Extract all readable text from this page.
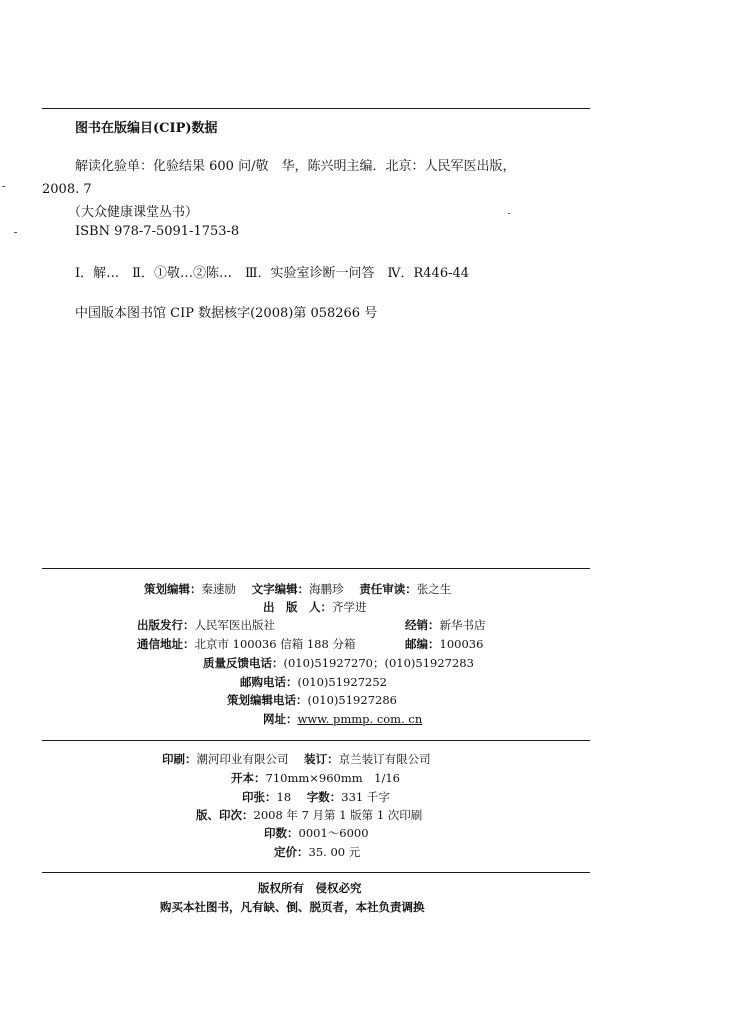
图书在版编目(CIP)数据
解读化验单：化验结果 600 问/敬　华，陈兴明主编．北京：人民军医出版，
2008. 7
（大众健康课堂丛书）
ISBN 978-7-5091-1753-8
Ⅰ．解…　Ⅱ．①敬…②陈…　Ⅲ．实验室诊断一问答　Ⅳ．R446-44
中国版本图书馆 CIP 数据核字(2008)第 058266 号
策划编辑：秦速励 文字编辑：海鹏珍 责任审读：张之生
出　版　人：齐学进
出版发行：人民军医出版社	经销：新华书店
通信地址：北京市 100036 信箱 188 分箱	邮编：100036
质量反馈电话：(010)51927270；(010)51927283
邮购电话：(010)51927252
策划编辑电话：(010)51927286
网址：www. pmmp. com. cn
印刷：潮河印业有限公司 装订：京兰装订有限公司
开本：710mm×960mm　1/16
印张：18 字数：331 千字
版、印次：2008 年 7 月第 1 版第 1 次印刷
印数：0001～6000
定价：35. 00 元
版权所有　侵权必究
购买本社图书，凡有缺、倒、脱页者，本社负责调换
